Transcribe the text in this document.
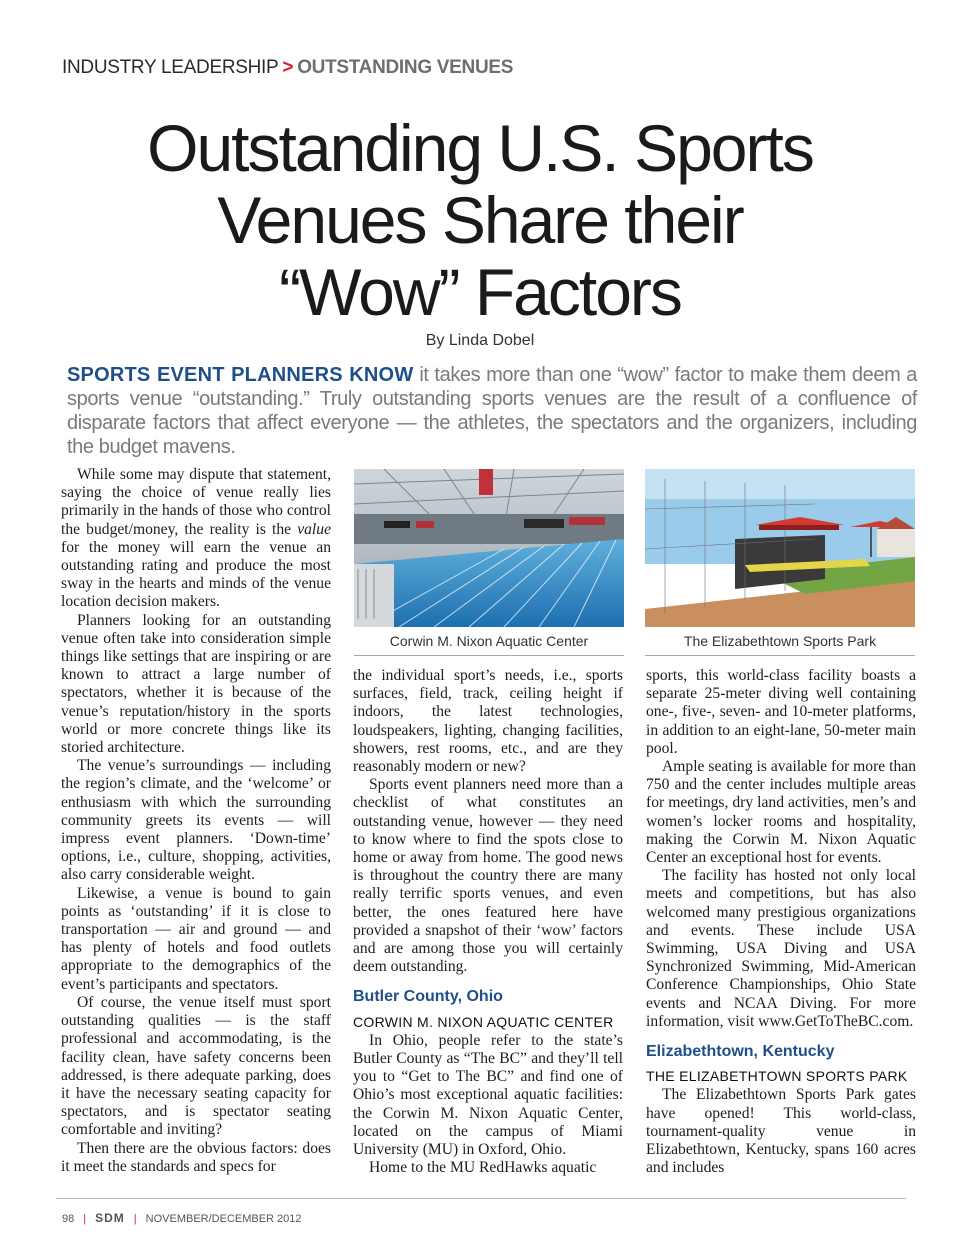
INDUSTRY LEADERSHIP > OUTSTANDING VENUES
Outstanding U.S. Sports
Venues Share their
“Wow” Factors
By Linda Dobel
SPORTS EVENT PLANNERS KNOW it takes more than one “wow” factor to make them deem a sports venue “outstanding.” Truly outstanding sports venues are the result of a confluence of disparate factors that affect everyone — the athletes, the spectators and the organizers, including the budget mavens.

While some may dispute that statement, saying the choice of venue really lies primarily in the hands of those who control the budget/money, the reality is the value for the money will earn the venue an outstanding rating and produce the most sway in the hearts and minds of the venue location decision makers.

Planners looking for an outstanding venue often take into consideration simple things like settings that are inspiring or are known to attract a large number of spectators, whether it is because of the venue’s reputation/history in the sports world or more concrete things like its storied architecture.

The venue’s surroundings — including the region’s climate, and the ‘welcome’ or enthusiasm with which the surrounding community greets its events — will impress event planners. ‘Down-time’ options, i.e., culture, shopping, activities, also carry considerable weight.

Likewise, a venue is bound to gain points as ‘outstanding’ if it is close to transportation — air and ground — and has plenty of hotels and food outlets appropriate to the demographics of the event’s participants and spectators.

Of course, the venue itself must sport outstanding qualities — is the staff professional and accommodating, is the facility clean, have safety concerns been addressed, is there adequate parking, does it have the necessary seating capacity for spectators, and is spectator seating comfortable and inviting?

Then there are the obvious factors: does it meet the standards and specs for

Corwin M. Nixon Aquatic Center	The Elizabethtown Sports Park

the individual sport’s needs, i.e., sports surfaces, field, track, ceiling height if indoors, the latest technologies, loudspeakers, lighting, changing facilities, showers, rest rooms, etc., and are they reasonably modern or new?

Sports event planners need more than a checklist of what constitutes an outstanding venue, however — they need to know where to find the spots close to home or away from home. The good news is throughout the country there are many really terrific sports venues, and even better, the ones featured here have provided a snapshot of their ‘wow’ factors and are among those you will certainly deem outstanding.

Butler County, Ohio
CORWIN M. NIXON AQUATIC CENTER

In Ohio, people refer to the state’s Butler County as “The BC” and they’ll tell you to “Get to The BC” and find one of Ohio’s most exceptional aquatic facilities: the Corwin M. Nixon Aquatic Center, located on the campus of Miami University (MU) in Oxford, Ohio.

Home to the MU RedHawks aquatic

sports, this world-class facility boasts a separate 25-meter diving well containing one-, five-, seven- and 10-meter platforms, in addition to an eight-lane, 50-meter main pool.

Ample seating is available for more than 750 and the center includes multiple areas for meetings, dry land activities, men’s and women’s locker rooms and hospitality, making the Corwin M. Nixon Aquatic Center an exceptional host for events.

The facility has hosted not only local meets and competitions, but has also welcomed many prestigious organizations and events. These include USA Swimming, USA Diving and USA Synchronized Swimming, Mid-American Conference Championships, Ohio State events and NCAA Diving. For more information, visit www.GetToTheBC.com.

Elizabethtown, Kentucky
THE ELIZABETHTOWN SPORTS PARK

The Elizabethtown Sports Park gates have opened! This world-class, tournament-quality venue in Elizabethtown, Kentucky, spans 160 acres and includes

98 | SDM | NOVEMBER/DECEMBER 2012
